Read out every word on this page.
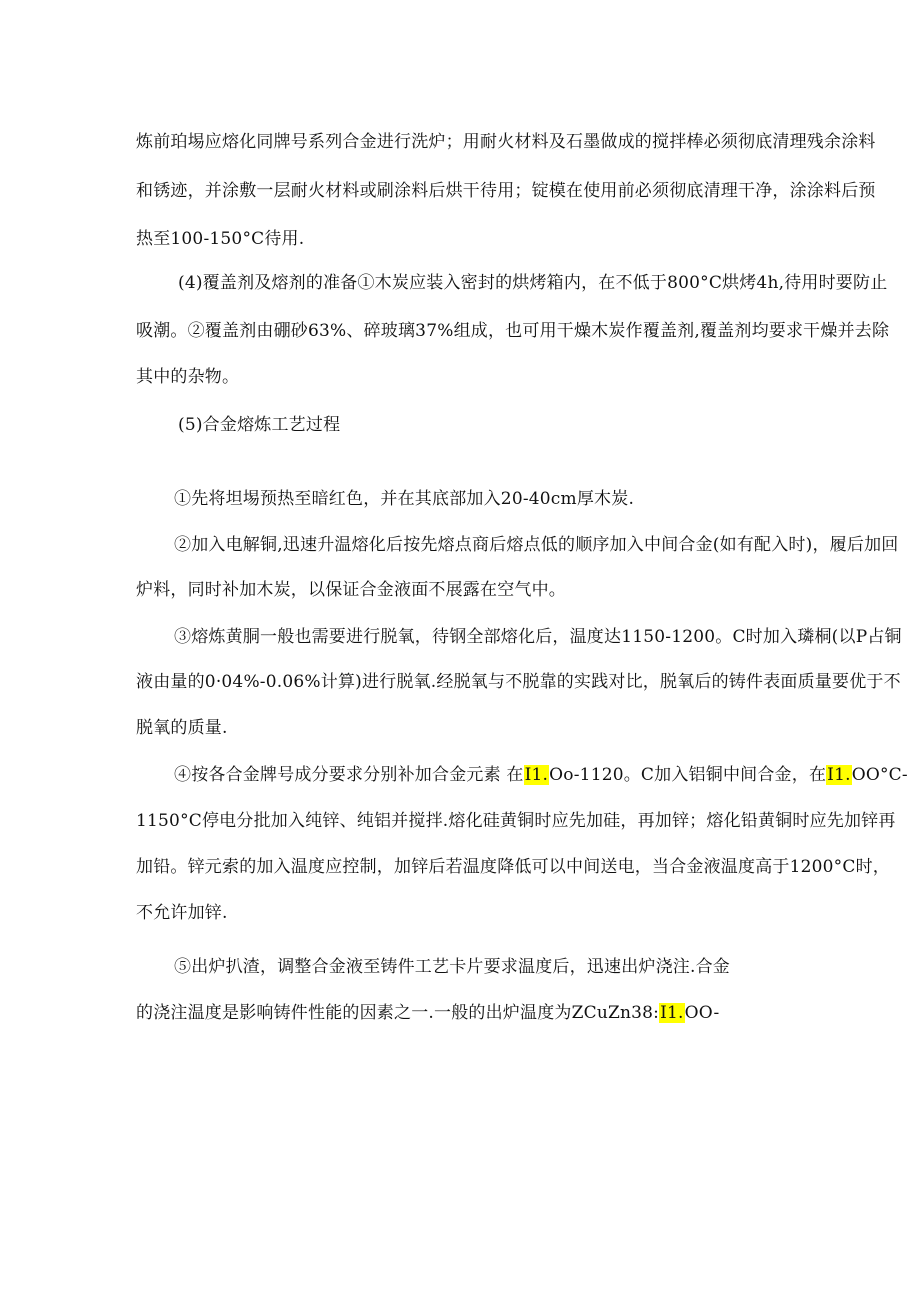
炼前珀埸应熔化同牌号系列合金进行洗炉；用耐火材料及石墨做成的搅拌棒必须彻底清理残余涂料
和锈迹，并涂敷一层耐火材料或刷涂料后烘干待用；锭模在使用前必须彻底清理干净，涂涂料后预
热至100-150°C待用.
(4)覆盖剂及熔剂的准备①木炭应装入密封的烘烤箱内，在不低于800°C烘烤4h,待用时要防止
吸潮。②覆盖剂由硼砂63%、碎玻璃37%组成，也可用干燥木炭作覆盖剂,覆盖剂均要求干燥并去除
其中的杂物。
(5)合金熔炼工艺过程
①先将坦埸预热至暗红色，并在其底部加入20-40cm厚木炭.
②加入电解铜,迅速升温熔化后按先熔点商后熔点低的顺序加入中间合金(如有配入时)，履后加回
炉料，同时补加木炭，以保证合金液面不展露在空气中。
③熔炼黄胴一般也需要进行脱氧，待钢全部熔化后，温度达1150-1200。C时加入璘桐(以P占铜
液由量的0·04%-0.06%计算)进行脱氧.经脱氧与不脱靠的实践对比，脱氧后的铸件表面质量要优于不
脱氧的质量.
④按各合金牌号成分要求分别补加合金元素 在I1.Oo-1120。C加入铝铜中间合金，在I1.OO°C-
1150°C停电分批加入纯锌、纯铝并搅拌.熔化硅黄铜时应先加硅，再加锌；熔化铅黄铜时应先加锌再
加铅。锌元索的加入温度应控制，加锌后若温度降低可以中间送电，当合金液温度高于1200°C时，
不允许加锌.
⑤出炉扒渣，调整合金液至铸件工艺卡片要求温度后，迅速出炉浇注.合金
的浇注温度是影响铸件性能的因素之一.一般的出炉温度为ZCuZn38:I1.OO-
